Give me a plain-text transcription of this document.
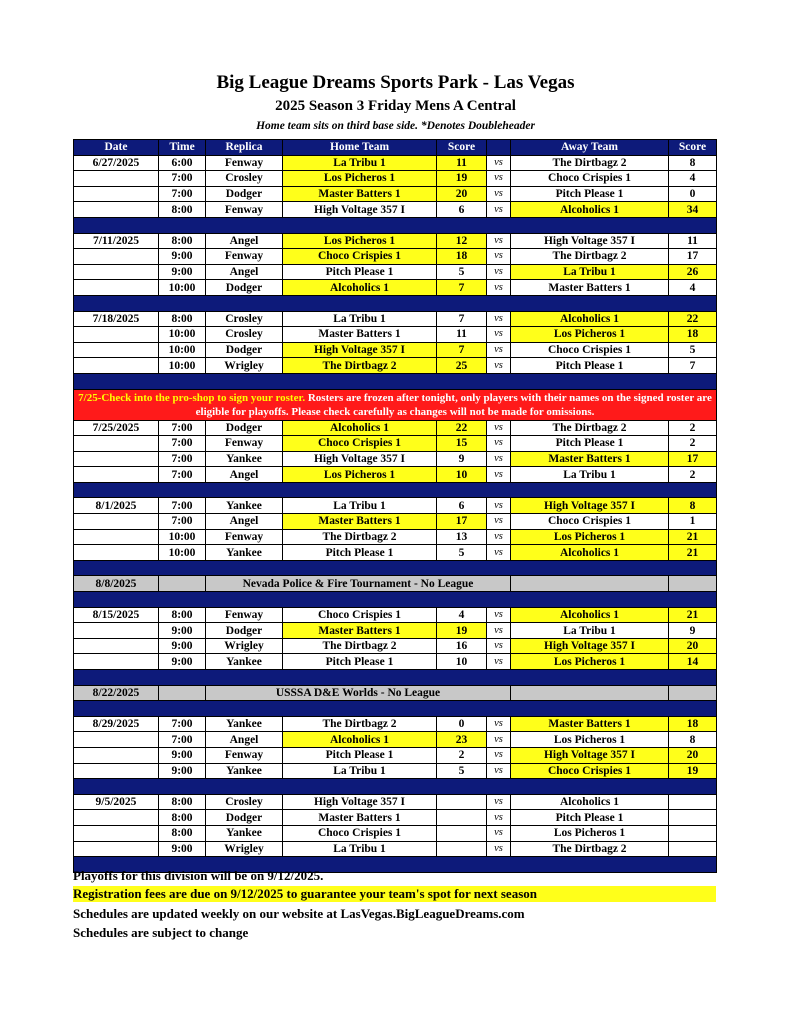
Big League Dreams Sports Park - Las Vegas
2025 Season 3 Friday Mens A Central
Home team sits on third base side. *Denotes Doubleheader
Date	Time	Replica	Home Team	Score		Away Team	Score
6/27/2025	6:00	Fenway	La Tribu 1	11	vs	The Dirtbagz 2	8
	7:00	Crosley	Los Picheros 1	19	vs	Choco Crispies 1	4
	7:00	Dodger	Master Batters 1	20	vs	Pitch Please 1	0
	8:00	Fenway	High Voltage 357 I	6	vs	Alcoholics 1	34

7/11/2025	8:00	Angel	Los Picheros 1	12	vs	High Voltage 357 I	11
	9:00	Fenway	Choco Crispies 1	18	vs	The Dirtbagz 2	17
	9:00	Angel	Pitch Please 1	5	vs	La Tribu 1	26
	10:00	Dodger	Alcoholics 1	7	vs	Master Batters 1	4

7/18/2025	8:00	Crosley	La Tribu 1	7	vs	Alcoholics 1	22
	10:00	Crosley	Master Batters 1	11	vs	Los Picheros 1	18
	10:00	Dodger	High Voltage 357 I	7	vs	Choco Crispies 1	5
	10:00	Wrigley	The Dirtbagz 2	25	vs	Pitch Please 1	7

7/25-Check into the pro-shop to sign your roster. Rosters are frozen after tonight, only players with their names on the signed roster are eligible for playoffs. Please check carefully as changes will not be made for omissions.							
7/25/2025	7:00	Dodger	Alcoholics 1	22	vs	The Dirtbagz 2	2
	7:00	Fenway	Choco Crispies 1	15	vs	Pitch Please 1	2
	7:00	Yankee	High Voltage 357 I	9	vs	Master Batters 1	17
	7:00	Angel	Los Picheros 1	10	vs	La Tribu 1	2

8/1/2025	7:00	Yankee	La Tribu 1	6	vs	High Voltage 357 I	8
	7:00	Angel	Master Batters 1	17	vs	Choco Crispies 1	1
	10:00	Fenway	The Dirtbagz 2	13	vs	Los Picheros 1	21
	10:00	Yankee	Pitch Please 1	5	vs	Alcoholics 1	21

8/8/2025		Nevada Police & Fire Tournament - No League					

8/15/2025	8:00	Fenway	Choco Crispies 1	4	vs	Alcoholics 1	21
	9:00	Dodger	Master Batters 1	19	vs	La Tribu 1	9
	9:00	Wrigley	The Dirtbagz 2	16	vs	High Voltage 357 I	20
	9:00	Yankee	Pitch Please 1	10	vs	Los Picheros 1	14

8/22/2025		USSSA D&E Worlds - No League					

8/29/2025	7:00	Yankee	The Dirtbagz 2	0	vs	Master Batters 1	18
	7:00	Angel	Alcoholics 1	23	vs	Los Picheros 1	8
	9:00	Fenway	Pitch Please 1	2	vs	High Voltage 357 I	20
	9:00	Yankee	La Tribu 1	5	vs	Choco Crispies 1	19

9/5/2025	8:00	Crosley	High Voltage 357 I		vs	Alcoholics 1	
	8:00	Dodger	Master Batters 1		vs	Pitch Please 1	
	8:00	Yankee	Choco Crispies 1		vs	Los Picheros 1	
	9:00	Wrigley	La Tribu 1		vs	The Dirtbagz 2	

Playoffs for this division will be on 9/12/2025.
Registration fees are due on 9/12/2025 to guarantee your team's spot for next season
Schedules are updated weekly on our website at LasVegas.BigLeagueDreams.com
Schedules are subject to change
